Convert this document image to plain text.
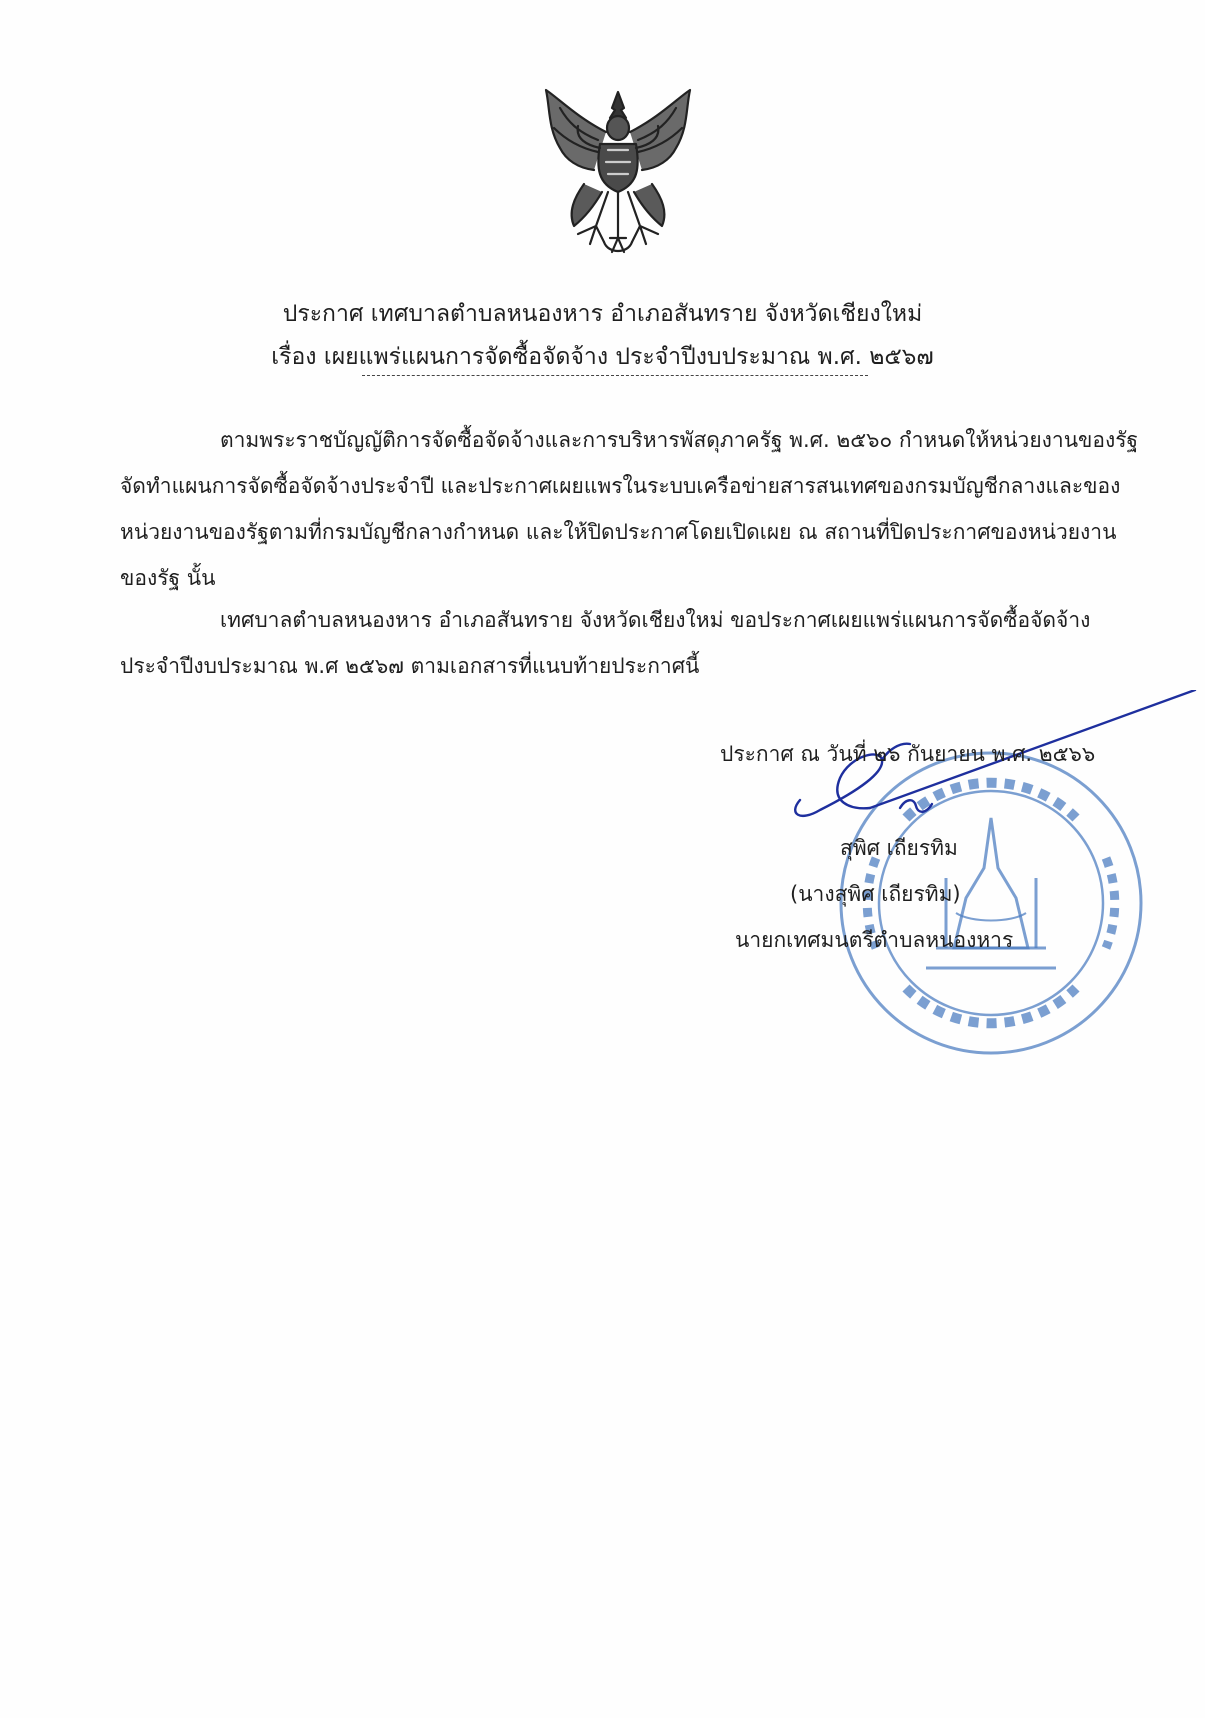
ประกาศ เทศบาลตำบลหนองหาร อำเภอสันทราย จังหวัดเชียงใหม่
เรื่อง เผยแพร่แผนการจัดซื้อจัดจ้าง ประจำปีงบประมาณ พ.ศ. ๒๕๖๗
ตามพระราชบัญญัติการจัดซื้อจัดจ้างและการบริหารพัสดุภาครัฐ พ.ศ. ๒๕๖๐ กำหนดให้หน่วยงานของรัฐ
จัดทำแผนการจัดซื้อจัดจ้างประจำปี และประกาศเผยแพรในระบบเครือข่ายสารสนเทศของกรมบัญชีกลางและของ
หน่วยงานของรัฐตามที่กรมบัญชีกลางกำหนด และให้ปิดประกาศโดยเปิดเผย ณ สถานที่ปิดประกาศของหน่วยงาน
ของรัฐ นั้น
เทศบาลตำบลหนองหาร อำเภอสันทราย จังหวัดเชียงใหม่ ขอประกาศเผยแพร่แผนการจัดซื้อจัดจ้าง
ประจำปีงบประมาณ พ.ศ ๒๕๖๗ ตามเอกสารที่แนบท้ายประกาศนี้
ประกาศ ณ วันที่ ๒๖ กันยายน พ.ศ. ๒๕๖๖
สุพิศ เถียรทิม
(นางสุพิศ เถียรทิม)
นายกเทศมนตรีตำบลหนองหาร
